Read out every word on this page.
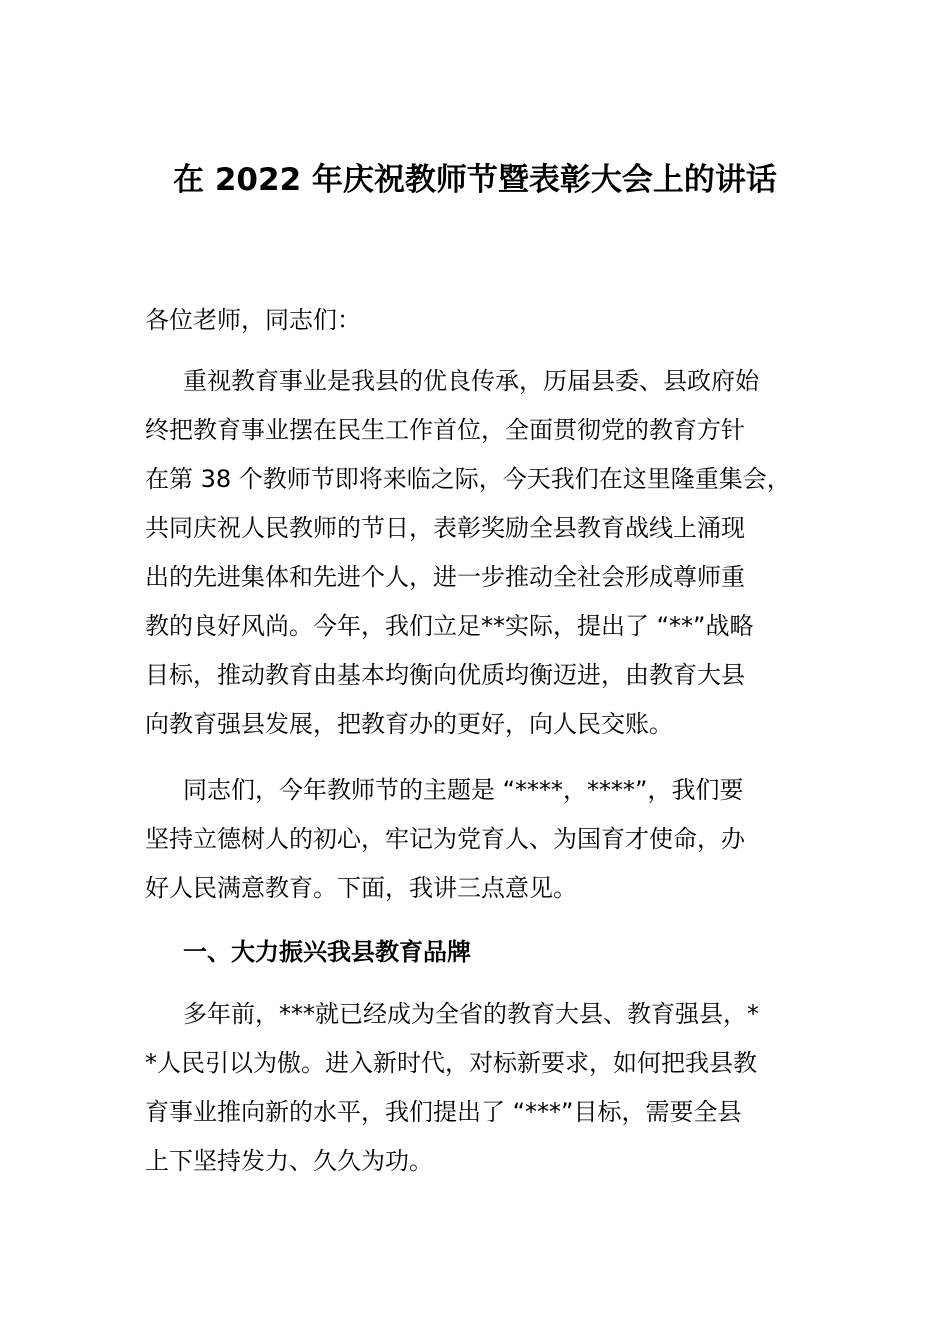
在 2022 年庆祝教师节暨表彰大会上的讲话
各位老师，同志们：
重视教育事业是我县的优良传承，历届县委、县政府始
终把教育事业摆在民生工作首位，全面贯彻党的教育方针
在第 38 个教师节即将来临之际，今天我们在这里隆重集会，
共同庆祝人民教师的节日，表彰奖励全县教育战线上涌现
出的先进集体和先进个人，进一步推动全社会形成尊师重
教的良好风尚。今年，我们立足**实际，提出了 “**”战略
目标，推动教育由基本均衡向优质均衡迈进，由教育大县
向教育强县发展，把教育办的更好，向人民交账。
同志们，今年教师节的主题是 “****，****”，我们要
坚持立德树人的初心，牢记为党育人、为国育才使命，办
好人民满意教育。下面，我讲三点意见。
一、大力振兴我县教育品牌
多年前，***就已经成为全省的教育大县、教育强县，*
*人民引以为傲。进入新时代，对标新要求，如何把我县教
育事业推向新的水平，我们提出了 “***”目标，需要全县
上下坚持发力、久久为功。
